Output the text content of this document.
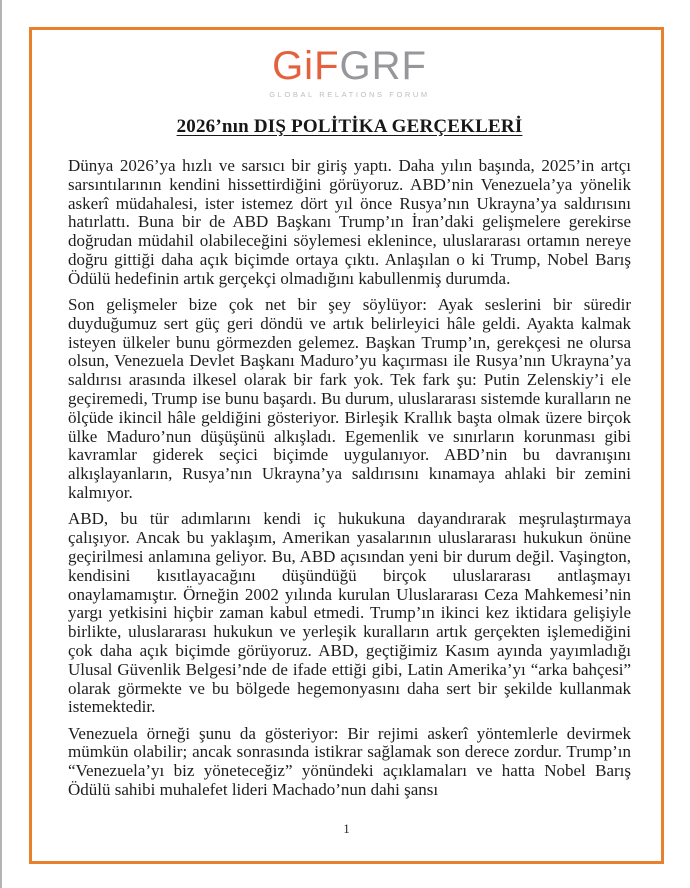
GiFGRF
GLOBAL RELATIONS FORUM
2026’nın DIŞ POLİTİKA GERÇEKLERİ

Dünya 2026’ya hızlı ve sarsıcı bir giriş yaptı. Daha yılın başında, 2025’in artçı sarsıntılarının kendini hissettirdiğini görüyoruz. ABD’nin Venezuela’ya yönelik askerî müdahalesi, ister istemez dört yıl önce Rusya’nın Ukrayna’ya saldırısını hatırlattı. Buna bir de ABD Başkanı Trump’ın İran’daki gelişmelere gerekirse doğrudan müdahil olabileceğini söylemesi eklenince, uluslararası ortamın nereye doğru gittiği daha açık biçimde ortaya çıktı. Anlaşılan o ki Trump, Nobel Barış Ödülü hedefinin artık gerçekçi olmadığını kabullenmiş durumda.

Son gelişmeler bize çok net bir şey söylüyor: Ayak seslerini bir süredir duyduğumuz sert güç geri döndü ve artık belirleyici hâle geldi. Ayakta kalmak isteyen ülkeler bunu görmezden gelemez. Başkan Trump’ın, gerekçesi ne olursa olsun, Venezuela Devlet Başkanı Maduro’yu kaçırması ile Rusya’nın Ukrayna’ya saldırısı arasında ilkesel olarak bir fark yok. Tek fark şu: Putin Zelenskiy’i ele geçiremedi, Trump ise bunu başardı. Bu durum, uluslararası sistemde kuralların ne ölçüde ikincil hâle geldiğini gösteriyor. Birleşik Krallık başta olmak üzere birçok ülke Maduro’nun düşüşünü alkışladı. Egemenlik ve sınırların korunması gibi kavramlar giderek seçici biçimde uygulanıyor. ABD’nin bu davranışını alkışlayanların, Rusya’nın Ukrayna’ya saldırısını kınamaya ahlaki bir zemini kalmıyor.

ABD, bu tür adımlarını kendi iç hukukuna dayandırarak meşrulaştırmaya çalışıyor. Ancak bu yaklaşım, Amerikan yasalarının uluslararası hukukun önüne geçirilmesi anlamına geliyor. Bu, ABD açısından yeni bir durum değil. Vaşington, kendisini kısıtlayacağını düşündüğü birçok uluslararası antlaşmayı onaylamamıştır. Örneğin 2002 yılında kurulan Uluslararası Ceza Mahkemesi’nin yargı yetkisini hiçbir zaman kabul etmedi. Trump’ın ikinci kez iktidara gelişiyle birlikte, uluslararası hukukun ve yerleşik kuralların artık gerçekten işlemediğini çok daha açık biçimde görüyoruz. ABD, geçtiğimiz Kasım ayında yayımladığı Ulusal Güvenlik Belgesi’nde de ifade ettiği gibi, Latin Amerika’yı “arka bahçesi” olarak görmekte ve bu bölgede hegemonyasını daha sert bir şekilde kullanmak istemektedir.

Venezuela örneği şunu da gösteriyor: Bir rejimi askerî yöntemlerle devirmek mümkün olabilir; ancak sonrasında istikrar sağlamak son derece zordur. Trump’ın “Venezuela’yı biz yöneteceğiz” yönündeki açıklamaları ve hatta Nobel Barış Ödülü sahibi muhalefet lideri Machado’nun dahi şansı

1
